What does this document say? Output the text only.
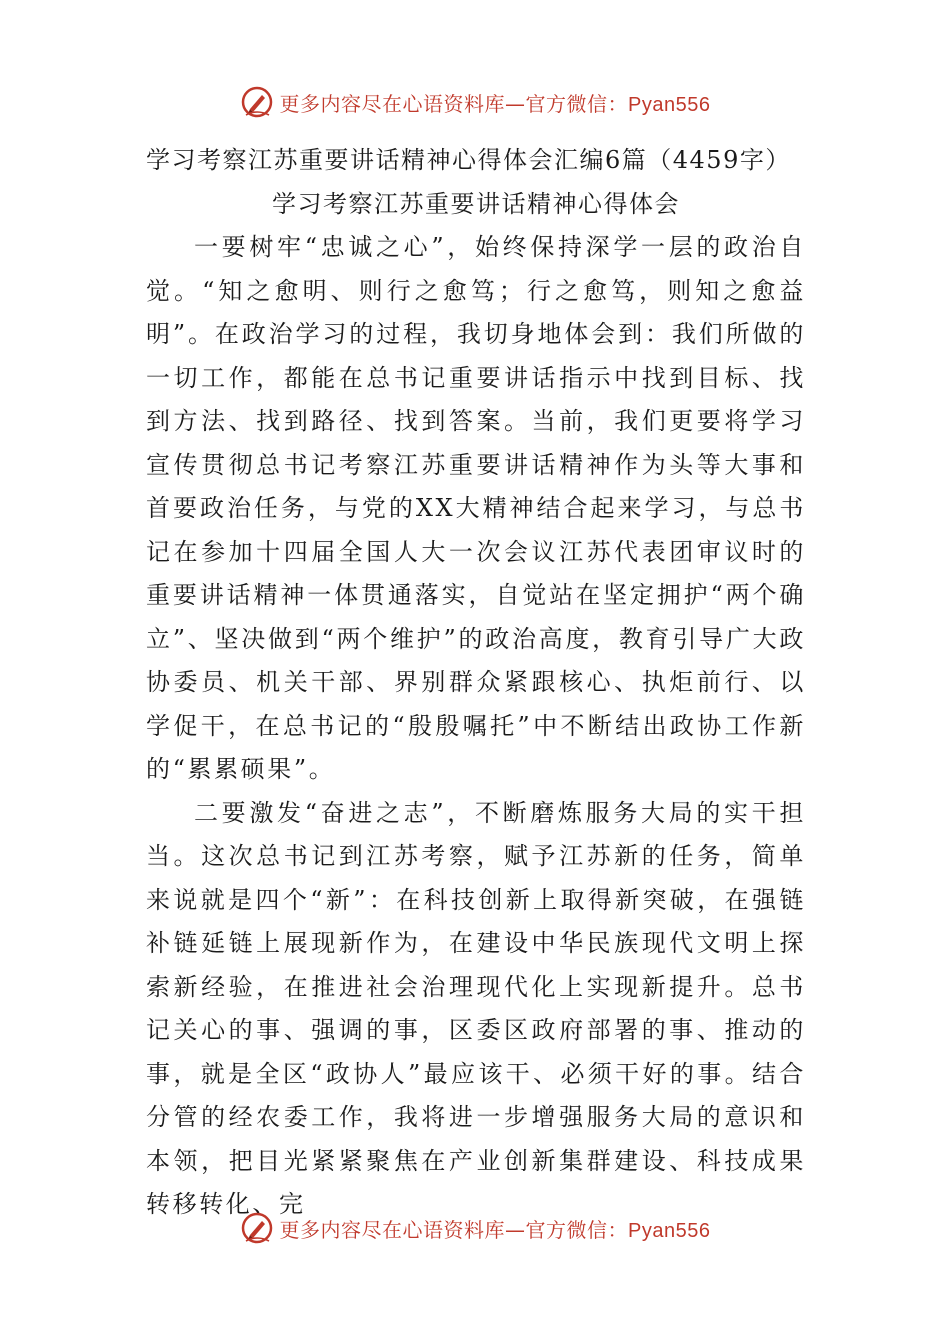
更多内容尽在心语资料库—官方微信：Pyan556
学习考察江苏重要讲话精神心得体会汇编6篇（4459字）
学习考察江苏重要讲话精神心得体会

一要树牢“忠诚之心”，始终保持深学一层的政治自觉。“知之愈明、则行之愈笃；行之愈笃，则知之愈益明”。在政治学习的过程，我切身地体会到：我们所做的一切工作，都能在总书记重要讲话指示中找到目标、找到方法、找到路径、找到答案。当前，我们更要将学习宣传贯彻总书记考察江苏重要讲话精神作为头等大事和首要政治任务，与党的XX大精神结合起来学习，与总书记在参加十四届全国人大一次会议江苏代表团审议时的重要讲话精神一体贯通落实，自觉站在坚定拥护“两个确立”、坚决做到“两个维护”的政治高度，教育引导广大政协委员、机关干部、界别群众紧跟核心、执炬前行、以学促干，在总书记的“殷殷嘱托”中不断结出政协工作新的“累累硕果”。

二要激发“奋进之志”，不断磨炼服务大局的实干担当。这次总书记到江苏考察，赋予江苏新的任务，简单来说就是四个“新”：在科技创新上取得新突破，在强链补链延链上展现新作为，在建设中华民族现代文明上探索新经验，在推进社会治理现代化上实现新提升。总书记关心的事、强调的事，区委区政府部署的事、推动的事，就是全区“政协人”最应该干、必须干好的事。结合分管的经农委工作，我将进一步增强服务大局的意识和本领，把目光紧紧聚焦在产业创新集群建设、科技成果转移转化、完

更多内容尽在心语资料库—官方微信：Pyan556
